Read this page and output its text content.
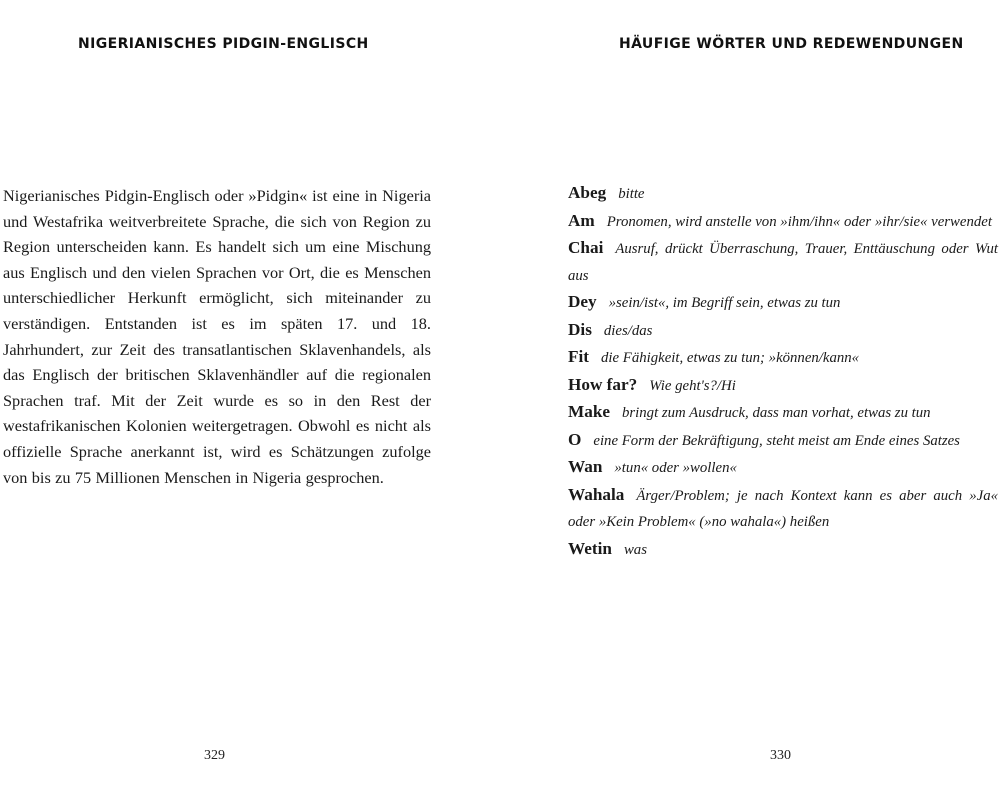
NIGERIANISCHES PIDGIN-ENGLISCH

Nigerianisches Pidgin-Englisch oder »Pidgin« ist eine in Nigeria und Westafrika weitverbreitete Sprache, die sich von Region zu Region unterscheiden kann. Es handelt sich um eine Mischung aus Englisch und den vielen Sprachen vor Ort, die es Menschen unterschiedlicher Herkunft ermöglicht, sich miteinander zu verständigen. Entstanden ist es im späten 17. und 18. Jahrhundert, zur Zeit des transatlantischen Sklavenhandels, als das Englisch der britischen Sklavenhändler auf die regionalen Sprachen traf. Mit der Zeit wurde es so in den Rest der westafrikanischen Kolonien weitergetragen. Obwohl es nicht als offizielle Sprache anerkannt ist, wird es Schätzungen zufolge von bis zu 75 Millionen Menschen in Nigeria gesprochen.

329
HÄUFIGE WÖRTER UND REDEWENDUNGEN
Abeg bitte
Am Pronomen, wird anstelle von »ihm/ihn« oder »ihr/sie« verwendet
Chai Ausruf, drückt Überraschung, Trauer, Enttäuschung oder Wut aus
Dey »sein/ist«, im Begriff sein, etwas zu tun
Dis dies/das
Fit die Fähigkeit, etwas zu tun; »können/kann«
How far? Wie geht's?/Hi
Make bringt zum Ausdruck, dass man vorhat, etwas zu tun
O eine Form der Bekräftigung, steht meist am Ende eines Satzes
Wan »tun« oder »wollen«
Wahala Ärger/Problem; je nach Kontext kann es aber auch »Ja« oder »Kein Problem« (»no wahala«) heißen
Wetin was
330
